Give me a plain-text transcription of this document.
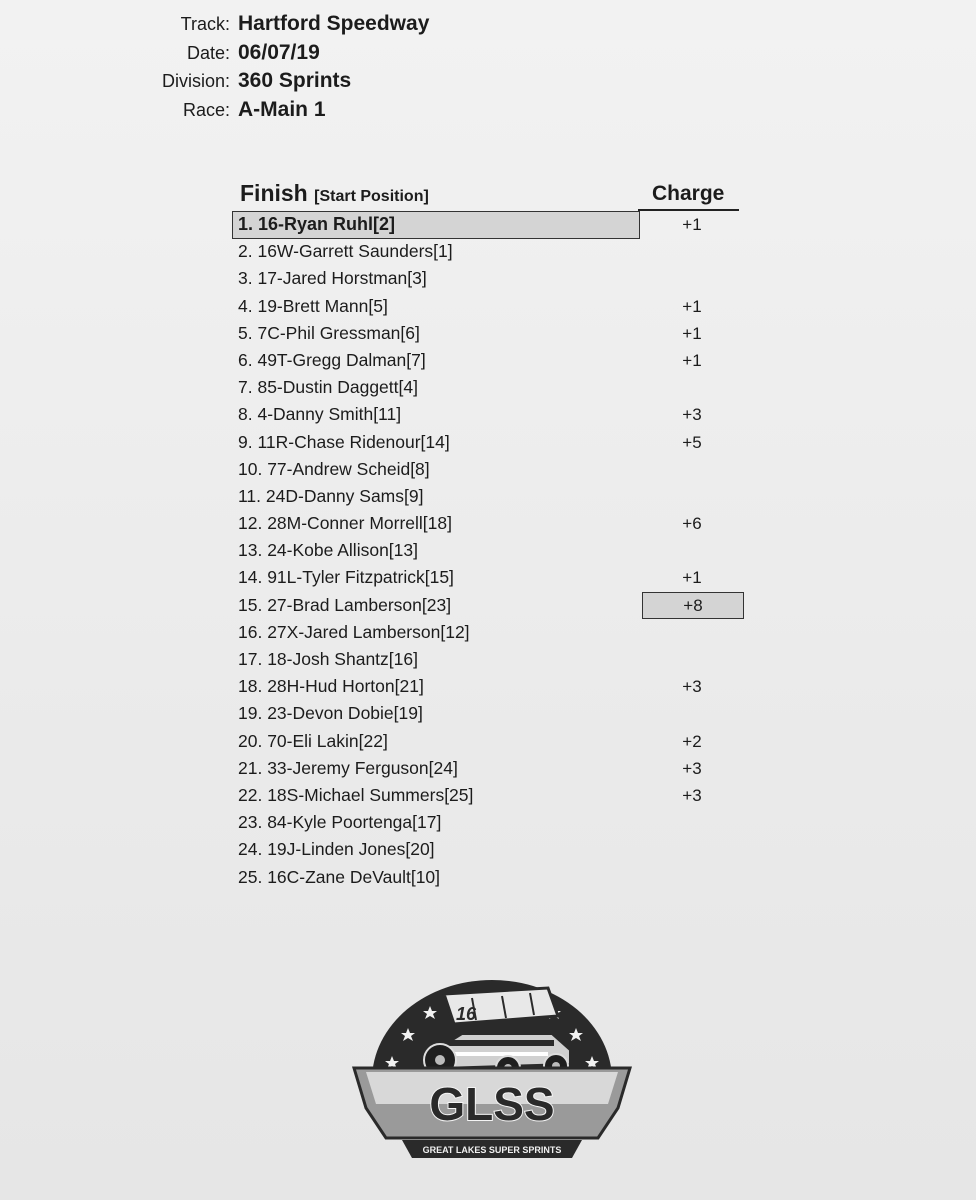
Track: Hartford Speedway
Date: 06/07/19
Division: 360 Sprints
Race: A-Main 1
Finish [Start Position]	Charge
1. 16-Ryan Ruhl[2]	+1
2. 16W-Garrett Saunders[1]
3. 17-Jared Horstman[3]
4. 19-Brett Mann[5]	+1
5. 7C-Phil Gressman[6]	+1
6. 49T-Gregg Dalman[7]	+1
7. 85-Dustin Daggett[4]
8. 4-Danny Smith[11]	+3
9. 11R-Chase Ridenour[14]	+5
10. 77-Andrew Scheid[8]
11. 24D-Danny Sams[9]
12. 28M-Conner Morrell[18]	+6
13. 24-Kobe Allison[13]
14. 91L-Tyler Fitzpatrick[15]	+1
15. 27-Brad Lamberson[23]	+8
16. 27X-Jared Lamberson[12]
17. 18-Josh Shantz[16]
18. 28H-Hud Horton[21]	+3
19. 23-Devon Dobie[19]
20. 70-Eli Lakin[22]	+2
21. 33-Jeremy Ferguson[24]	+3
22. 18S-Michael Summers[25]	+3
23. 84-Kyle Poortenga[17]
24. 19J-Linden Jones[20]
25. 16C-Zane DeVault[10]
16
GLSS
GREAT LAKES SUPER SPRINTS
